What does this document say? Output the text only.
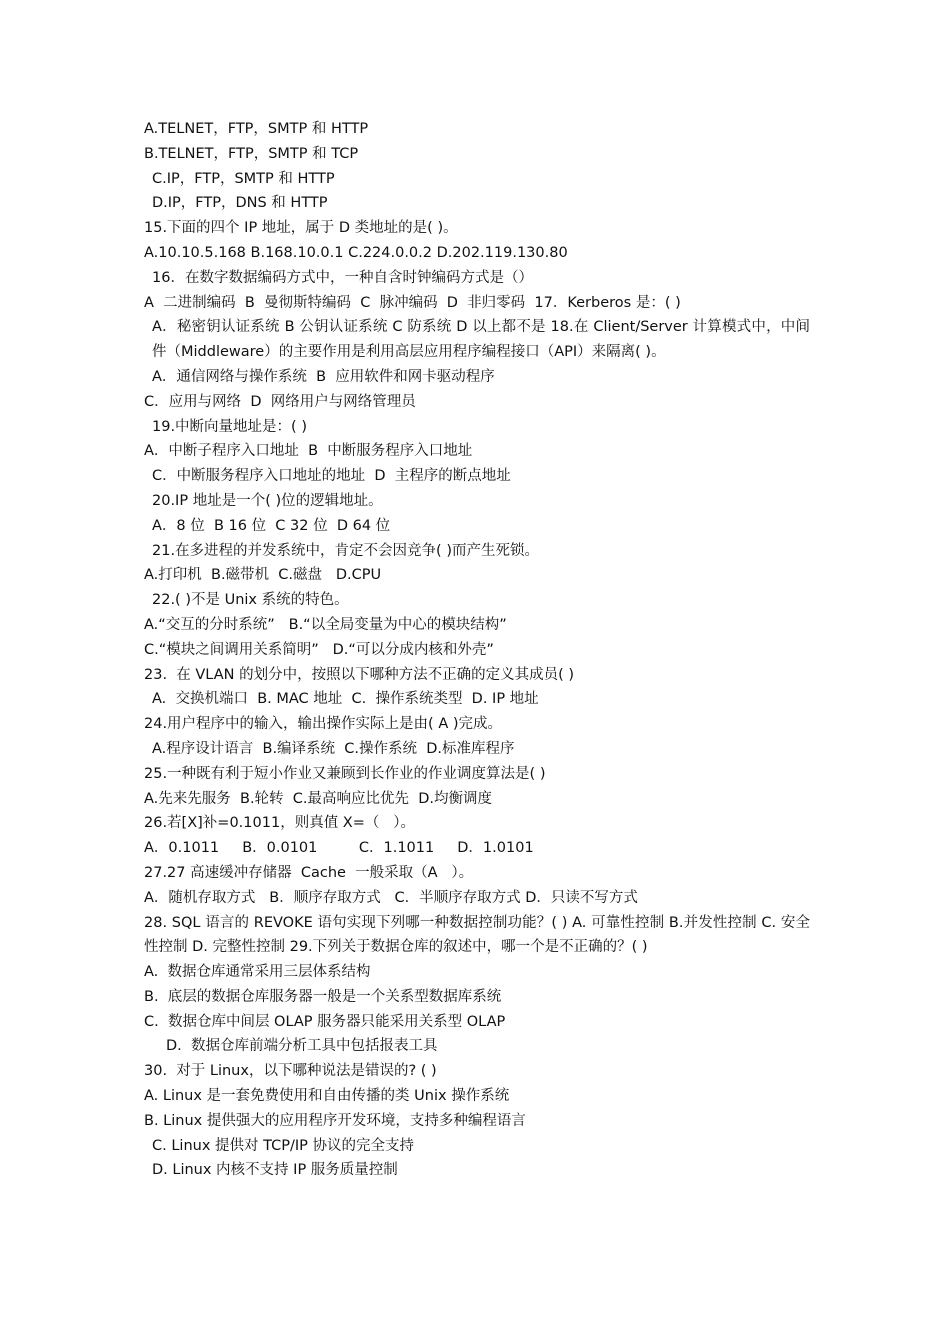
A.TELNET，FTP，SMTP 和 HTTP
B.TELNET，FTP，SMTP 和 TCP
C.IP，FTP，SMTP 和 HTTP
D.IP，FTP，DNS 和 HTTP
15.下面的四个 IP 地址，属于 D 类地址的是( )。
A.10.10.5.168 B.168.10.0.1 C.224.0.0.2 D.202.119.130.80
16．在数字数据编码方式中，一种自含时钟编码方式是（）
A  二进制编码  B  曼彻斯特编码  C  脉冲编码  D  非归零码  17．Kerberos 是：( )
A．秘密钥认证系统 B 公钥认证系统 C 防系统 D 以上都不是 18.在 Client/Server 计算模式中，中间件（Middleware）的主要作用是利用高层应用程序编程接口（API）来隔离( )。
A．通信网络与操作系统  B  应用软件和网卡驱动程序
C．应用与网络  D  网络用户与网络管理员
19.中断向量地址是：( )
A．中断子程序入口地址  B  中断服务程序入口地址
C．中断服务程序入口地址的地址  D  主程序的断点地址
20.IP 地址是一个( )位的逻辑地址。
A．8 位  B 16 位  C 32 位  D 64 位
21.在多进程的并发系统中，肯定不会因竞争( )而产生死锁。
A.打印机  B.磁带机  C.磁盘   D.CPU
22.( )不是 Unix 系统的特色。
A.“交互的分时系统”   B.“以全局变量为中心的模块结构”
C.“模块之间调用关系简明”   D.“可以分成内核和外壳”
23.  在 VLAN 的划分中，按照以下哪种方法不正确的定义其成员( )
A.  交换机端口  B. MAC 地址  C.  操作系统类型  D. IP 地址
24.用户程序中的输入，输出操作实际上是由( A )完成。
A.程序设计语言  B.编译系统  C.操作系统  D.标准库程序
25.一种既有利于短小作业又兼顾到长作业的作业调度算法是( )
A.先来先服务  B.轮转  C.最高响应比优先  D.均衡调度
26.若[X]补=0.1011，则真值 X=（   ）。
A．0.1011     B．0.0101         C．1.1011     D．1.0101
27.27 高速缓冲存储器  Cache  一般采取（A   ）。
A．随机存取方式   B．顺序存取方式   C．半顺序存取方式 D．只读不写方式
28. SQL 语言的 REVOKE 语句实现下列哪一种数据控制功能？( ) A. 可靠性控制 B.并发性控制 C. 安全性控制 D. 完整性控制 29.下列关于数据仓库的叙述中，哪一个是不正确的？( )
A.  数据仓库通常采用三层体系结构
B.  底层的数据仓库服务器一般是一个关系型数据库系统
C.  数据仓库中间层 OLAP 服务器只能采用关系型 OLAP
D.  数据仓库前端分析工具中包括报表工具
30.  对于 Linux，以下哪种说法是错误的? ( )
A. Linux 是一套免费使用和自由传播的类 Unix 操作系统
B. Linux 提供强大的应用程序开发环境，支持多种编程语言
C. Linux 提供对 TCP/IP 协议的完全支持
D. Linux 内核不支持 IP 服务质量控制
